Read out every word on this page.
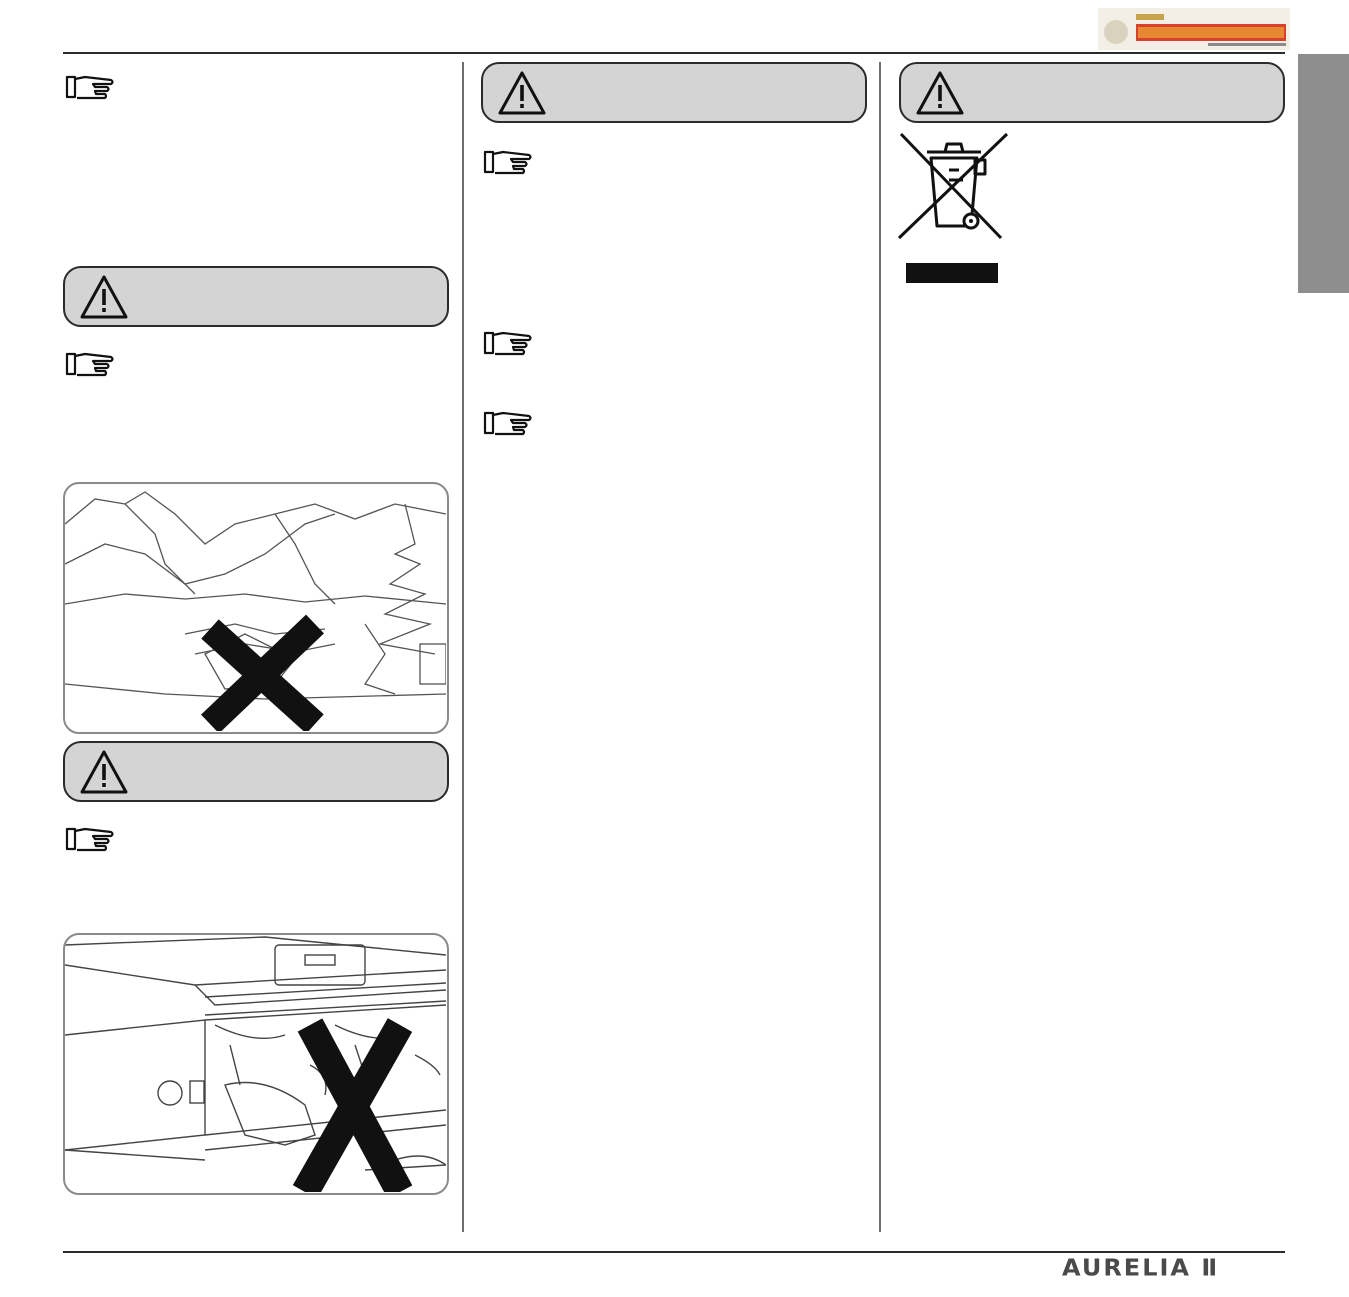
AURELIA Ⅱ
